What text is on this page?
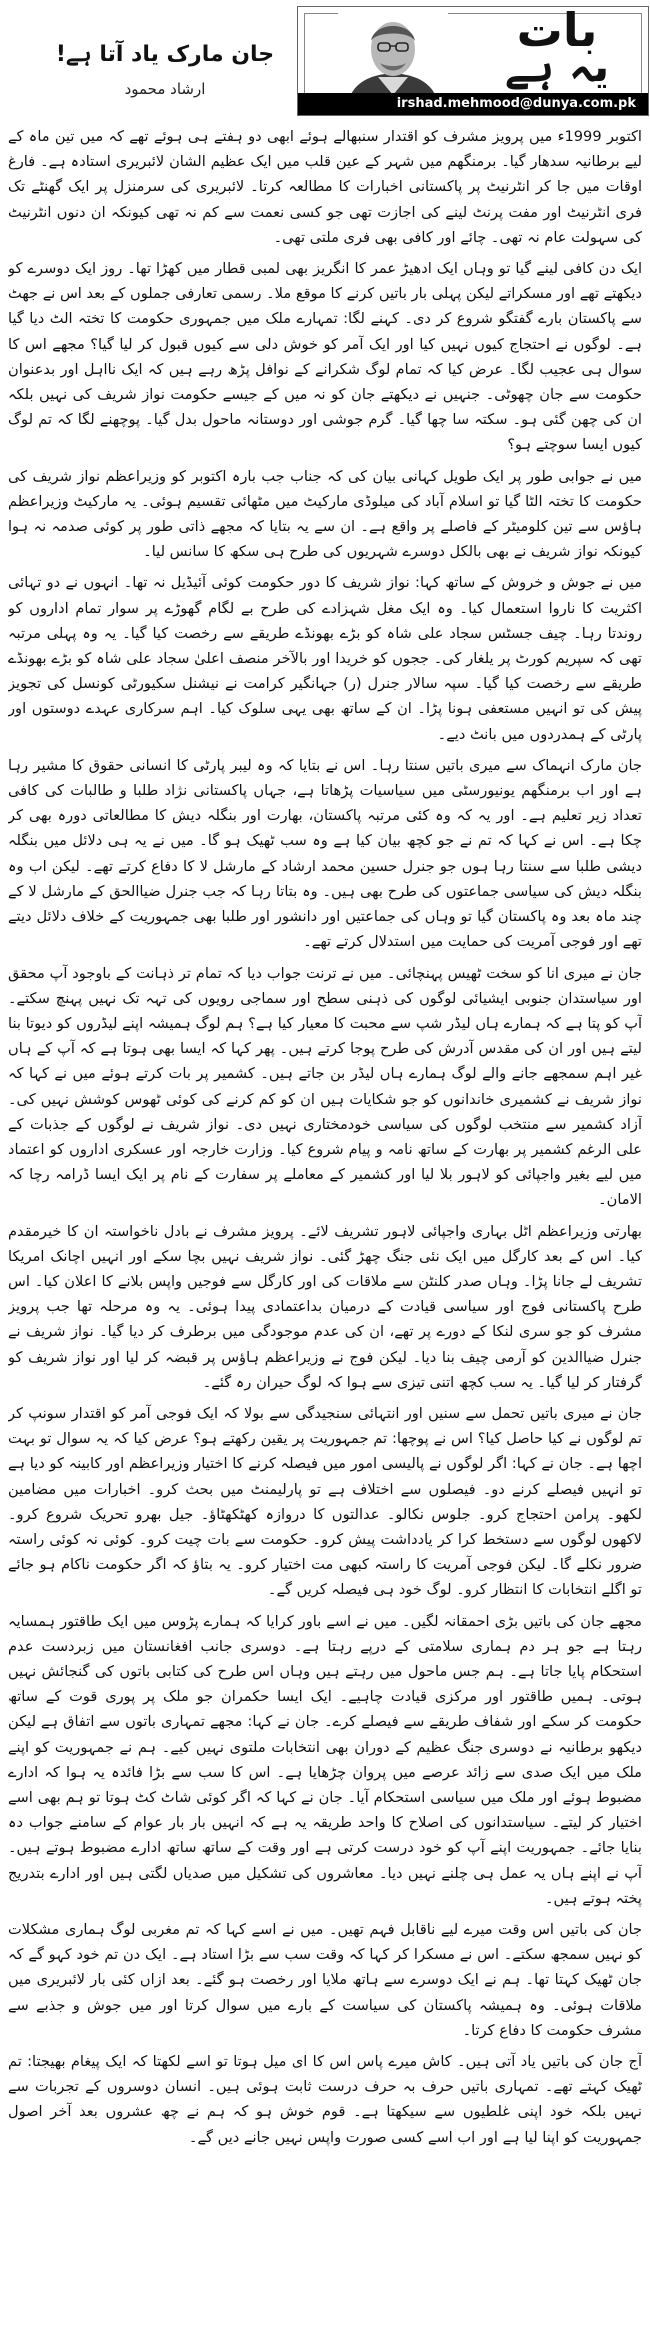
بات
یہ ہے
irshad.mehmood@dunya.com.pk
جان مارک یاد آتا ہے!
ارشاد محمود

اکتوبر 1999ء میں پرویز مشرف کو اقتدار سنبھالے ہوئے ابھی دو ہفتے ہی ہوئے تھے کہ میں تین ماہ کے لیے برطانیہ سدھار گیا۔ برمنگھم میں شہر کے عین قلب میں ایک عظیم الشان لائبریری استادہ ہے۔ فارغ اوقات میں جا کر انٹرنیٹ پر پاکستانی اخبارات کا مطالعہ کرتا۔ لائبریری کی سرمنزل پر ایک گھنٹے تک فری انٹرنیٹ اور مفت پرنٹ لینے کی اجازت تھی جو کسی نعمت سے کم نہ تھی کیونکہ ان دنوں انٹرنیٹ کی سہولت عام نہ تھی۔ چائے اور کافی بھی فری ملتی تھی۔

ایک دن کافی لینے گیا تو وہاں ایک ادھیڑ عمر کا انگریز بھی لمبی قطار میں کھڑا تھا۔ روز ایک دوسرے کو دیکھتے تھے اور مسکراتے لیکن پہلی بار باتیں کرنے کا موقع ملا۔ رسمی تعارفی جملوں کے بعد اس نے جھٹ سے پاکستان بارے گفتگو شروع کر دی۔ کہنے لگا: تمہارے ملک میں جمہوری حکومت کا تختہ الٹ دیا گیا ہے۔ لوگوں نے احتجاج کیوں نہیں کیا اور ایک آمر کو خوش دلی سے کیوں قبول کر لیا گیا؟ مجھے اس کا سوال ہی عجیب لگا۔ عرض کیا کہ تمام لوگ شکرانے کے نوافل پڑھ رہے ہیں کہ ایک نااہل اور بدعنوان حکومت سے جان چھوٹی۔ جنہیں نے دیکھتے جان کو نہ میں کے جیسے حکومت نواز شریف کی نہیں بلکہ ان کی چھن گئی ہو۔ سکتہ سا چھا گیا۔ گرم جوشی اور دوستانہ ماحول بدل گیا۔ پوچھنے لگا کہ تم لوگ کیوں ایسا سوچتے ہو؟

میں نے جوابی طور پر ایک طویل کہانی بیان کی کہ جناب جب بارہ اکتوبر کو وزیراعظم نواز شریف کی حکومت کا تختہ الٹا گیا تو اسلام آباد کی میلوڈی مارکیٹ میں مٹھائی تقسیم ہوئی۔ یہ مارکیٹ وزیراعظم ہاؤس سے تین کلومیٹر کے فاصلے پر واقع ہے۔ ان سے یہ بتایا کہ مجھے ذاتی طور پر کوئی صدمہ نہ ہوا کیونکہ نواز شریف نے بھی بالکل دوسرے شہریوں کی طرح ہی سکھ کا سانس لیا۔

میں نے جوش و خروش کے ساتھ کہا: نواز شریف کا دور حکومت کوئی آئیڈیل نہ تھا۔ انہوں نے دو تہائی اکثریت کا ناروا استعمال کیا۔ وہ ایک مغل شہزادے کی طرح بے لگام گھوڑے پر سوار تمام اداروں کو روندتا رہا۔ چیف جسٹس سجاد علی شاہ کو بڑے بھونڈے طریقے سے رخصت کیا گیا۔ یہ وہ پہلی مرتبہ تھی کہ سپریم کورٹ پر یلغار کی۔ ججوں کو خریدا اور بالآخر منصف اعلیٰ سجاد علی شاہ کو بڑے بھونڈے طریقے سے رخصت کیا گیا۔ سپہ سالار جنرل (ر) جہانگیر کرامت نے نیشنل سکیورٹی کونسل کی تجویز پیش کی تو انہیں مستعفی ہونا پڑا۔ ان کے ساتھ بھی یہی سلوک کیا۔ اہم سرکاری عہدے دوستوں اور پارٹی کے ہمدردوں میں بانٹ دیے۔

جان مارک انہماک سے میری باتیں سنتا رہا۔ اس نے بتایا کہ وہ لیبر پارٹی کا انسانی حقوق کا مشیر رہا ہے اور اب برمنگھم یونیورسٹی میں سیاسیات پڑھاتا ہے، جہاں پاکستانی نژاد طلبا و طالبات کی کافی تعداد زیر تعلیم ہے۔ اور یہ کہ وہ کئی مرتبہ پاکستان، بھارت اور بنگلہ دیش کا مطالعاتی دورہ بھی کر چکا ہے۔ اس نے کہا کہ تم نے جو کچھ بیان کیا ہے وہ سب ٹھیک ہو گا۔ میں نے یہ ہی دلائل میں بنگلہ دیشی طلبا سے سنتا رہا ہوں جو جنرل حسین محمد ارشاد کے مارشل لا کا دفاع کرتے تھے۔ لیکن اب وہ بنگلہ دیش کی سیاسی جماعتوں کی طرح بھی ہیں۔ وہ بتاتا رہا کہ جب جنرل ضیاالحق کے مارشل لا کے چند ماہ بعد وہ پاکستان گیا تو وہاں کی جماعتیں اور دانشور اور طلبا بھی جمہوریت کے خلاف دلائل دیتے تھے اور فوجی آمریت کی حمایت میں استدلال کرتے تھے۔

جان نے میری انا کو سخت ٹھیس پہنچائی۔ میں نے ترنت جواب دیا کہ تمام تر ذہانت کے باوجود آپ محقق اور سیاستدان جنوبی ایشیائی لوگوں کی ذہنی سطح اور سماجی رویوں کی تہہ تک نہیں پہنچ سکتے۔ آپ کو پتا ہے کہ ہمارے ہاں لیڈر شپ سے محبت کا معیار کیا ہے؟ ہم لوگ ہمیشہ اپنے لیڈروں کو دیوتا بنا لیتے ہیں اور ان کی مقدس آدرش کی طرح پوجا کرتے ہیں۔ پھر کہا کہ ایسا بھی ہوتا ہے کہ آپ کے ہاں غیر اہم سمجھے جانے والے لوگ ہمارے ہاں لیڈر بن جاتے ہیں۔ کشمیر پر بات کرتے ہوئے میں نے کہا کہ نواز شریف نے کشمیری خاندانوں کو جو شکایات ہیں ان کو کم کرنے کی کوئی ٹھوس کوشش نہیں کی۔ آزاد کشمیر سے منتخب لوگوں کی سیاسی خودمختاری نہیں دی۔ نواز شریف نے لوگوں کے جذبات کے علی الرغم کشمیر پر بھارت کے ساتھ نامہ و پیام شروع کیا۔ وزارت خارجہ اور عسکری اداروں کو اعتماد میں لیے بغیر واجپائی کو لاہور بلا لیا اور کشمیر کے معاملے پر سفارت کے نام پر ایک ایسا ڈرامہ رچا کہ الامان۔

بھارتی وزیراعظم اٹل بہاری واجپائی لاہور تشریف لائے۔ پرویز مشرف نے بادل ناخواستہ ان کا خیرمقدم کیا۔ اس کے بعد کارگل میں ایک نئی جنگ چھڑ گئی۔ نواز شریف نہیں بچا سکے اور انہیں اچانک امریکا تشریف لے جانا پڑا۔ وہاں صدر کلنٹن سے ملاقات کی اور کارگل سے فوجیں واپس بلانے کا اعلان کیا۔ اس طرح پاکستانی فوج اور سیاسی قیادت کے درمیان بداعتمادی پیدا ہوئی۔ یہ وہ مرحلہ تھا جب پرویز مشرف کو جو سری لنکا کے دورے پر تھے، ان کی عدم موجودگی میں برطرف کر دیا گیا۔ نواز شریف نے جنرل ضیاالدین کو آرمی چیف بنا دیا۔ لیکن فوج نے وزیراعظم ہاؤس پر قبضہ کر لیا اور نواز شریف کو گرفتار کر لیا گیا۔ یہ سب کچھ اتنی تیزی سے ہوا کہ لوگ حیران رہ گئے۔

جان نے میری باتیں تحمل سے سنیں اور انتہائی سنجیدگی سے بولا کہ ایک فوجی آمر کو اقتدار سونپ کر تم لوگوں نے کیا حاصل کیا؟ اس نے پوچھا: تم جمہوریت پر یقین رکھتے ہو؟ عرض کیا کہ یہ سوال تو بہت اچھا ہے۔ جان نے کہا: اگر لوگوں نے پالیسی امور میں فیصلہ کرنے کا اختیار وزیراعظم اور کابینہ کو دیا ہے تو انہیں فیصلے کرنے دو۔ فیصلوں سے اختلاف ہے تو پارلیمنٹ میں بحث کرو۔ اخبارات میں مضامین لکھو۔ پرامن احتجاج کرو۔ جلوس نکالو۔ عدالتوں کا دروازہ کھٹکھٹاؤ۔ جیل بھرو تحریک شروع کرو۔ لاکھوں لوگوں سے دستخط کرا کر یادداشت پیش کرو۔ حکومت سے بات چیت کرو۔ کوئی نہ کوئی راستہ ضرور نکلے گا۔ لیکن فوجی آمریت کا راستہ کبھی مت اختیار کرو۔ یہ بتاؤ کہ اگر حکومت ناکام ہو جائے تو اگلے انتخابات کا انتظار کرو۔ لوگ خود ہی فیصلہ کریں گے۔

مجھے جان کی باتیں بڑی احمقانہ لگیں۔ میں نے اسے باور کرایا کہ ہمارے پڑوس میں ایک طاقتور ہمسایہ رہتا ہے جو ہر دم ہماری سلامتی کے درپے رہتا ہے۔ دوسری جانب افغانستان میں زبردست عدم استحکام پایا جاتا ہے۔ ہم جس ماحول میں رہتے ہیں وہاں اس طرح کی کتابی باتوں کی گنجائش نہیں ہوتی۔ ہمیں طاقتور اور مرکزی قیادت چاہیے۔ ایک ایسا حکمران جو ملک پر پوری قوت کے ساتھ حکومت کر سکے اور شفاف طریقے سے فیصلے کرے۔ جان نے کہا: مجھے تمہاری باتوں سے اتفاق ہے لیکن دیکھو برطانیہ نے دوسری جنگ عظیم کے دوران بھی انتخابات ملتوی نہیں کیے۔ ہم نے جمہوریت کو اپنے ملک میں ایک صدی سے زائد عرصے میں پروان چڑھایا ہے۔ اس کا سب سے بڑا فائدہ یہ ہوا کہ ادارے مضبوط ہوئے اور ملک میں سیاسی استحکام آیا۔ جان نے کہا کہ اگر کوئی شاٹ کٹ ہوتا تو ہم بھی اسے اختیار کر لیتے۔ سیاستدانوں کی اصلاح کا واحد طریقہ یہ ہے کہ انہیں بار بار عوام کے سامنے جواب دہ بنایا جائے۔ جمہوریت اپنے آپ کو خود درست کرتی ہے اور وقت کے ساتھ ساتھ ادارے مضبوط ہوتے ہیں۔ آپ نے اپنے ہاں یہ عمل ہی چلنے نہیں دیا۔ معاشروں کی تشکیل میں صدیاں لگتی ہیں اور ادارے بتدریج پختہ ہوتے ہیں۔

جان کی باتیں اس وقت میرے لیے ناقابل فہم تھیں۔ میں نے اسے کہا کہ تم مغربی لوگ ہماری مشکلات کو نہیں سمجھ سکتے۔ اس نے مسکرا کر کہا کہ وقت سب سے بڑا استاد ہے۔ ایک دن تم خود کہو گے کہ جان ٹھیک کہتا تھا۔ ہم نے ایک دوسرے سے ہاتھ ملایا اور رخصت ہو گئے۔ بعد ازاں کئی بار لائبریری میں ملاقات ہوئی۔ وہ ہمیشہ پاکستان کی سیاست کے بارے میں سوال کرتا اور میں جوش و جذبے سے مشرف حکومت کا دفاع کرتا۔

آج جان کی باتیں یاد آتی ہیں۔ کاش میرے پاس اس کا ای میل ہوتا تو اسے لکھتا کہ ایک پیغام بھیجتا: تم ٹھیک کہتے تھے۔ تمہاری باتیں حرف بہ حرف درست ثابت ہوئی ہیں۔ انسان دوسروں کے تجربات سے نہیں بلکہ خود اپنی غلطیوں سے سیکھتا ہے۔ قوم خوش ہو کہ ہم نے چھ عشروں بعد آخر اصول جمہوریت کو اپنا لیا ہے اور اب اسے کسی صورت واپس نہیں جانے دیں گے۔
